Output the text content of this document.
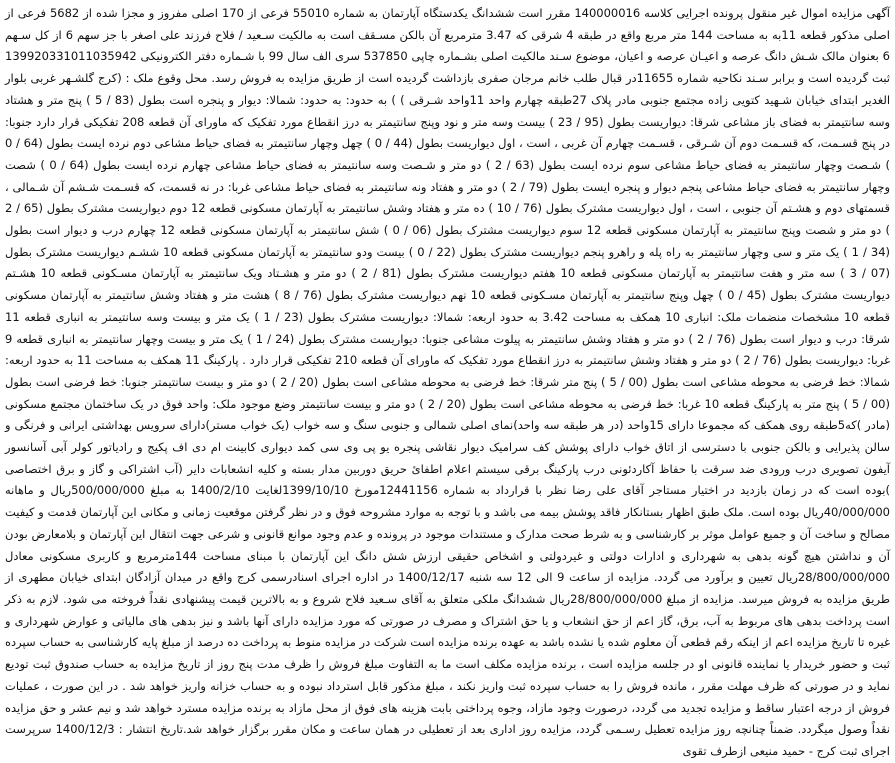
آگهی مزایده اموال غیر منقول پرونده اجرایی کلاسه 140000016 مقرر است ششدانگ یکدستگاه آپارتمان به شماره 55010 فرعی از 170 اصلی مفروز و مجزا شده از 5682 فرعی از اصلی مذکور قطعه 11به به مساحت 144 متر مربع واقع در طبقه 4 شرقی که 3.47 مترمربع آن بالکن مسـقف است به مالکیت سـعید / فلاح فرزند علی اصغر با جز سهم 6 از کل سـهم 6 بعنوان مالک شـش دانگ عرصه و اعیـان عرصه و اعیان، موضوع سـند مالکیت اصلی بشـماره چاپی 537850 سری الف سال 99 با شـماره دفتر الکترونیکی 139920331011035942 ثبت گردیده است و برابر سـند نکاحیه شماره 11655در قبال طلب خانم مرجان صفری بازداشت گردیده است از طریق مزایده به فروش رسد. محل وقوع ملک : (کرج گلشـهر غربی بلوار الغدیر ابتدای خیابان شـهید کتویی زاده مجتمع جنوبی مادر پلاک 27طبقه چهارم واحد 11واحد شـرقی ) ) به حدود: به حدود: شمالا: دیوار و پنجره است بطول (83 / 5 ) پنج متر و هشتاد وسه سانتیمتر به فضای باز مشاعی شرقا: دیواریست بطول (95 / 23 ) بیست وسه متر و نود وپنج سانتیمتر به درز انقطاع مورد تفکیک که ماورای آن قطعه 208 تفکیکی قرار دارد جنوبا: در پنج قسـمت، که قسـمت دوم آن شـرقی ، قسـمت چهارم آن غربی ، است ، اول دیواریست بطول (44 / 0 ) چهل وچهار سانتیمتر به فضای حیاط مشاعی دوم نرده ایست بطول (64 / 0 ) شـصت وچهار سانتیمتر به فضای حیاط مشاعی سوم نرده ایست بطول (63 / 2 ) دو متر و شـصت وسه سانتیمتر به فضای حیاط مشاعی چهارم نرده ایست بطول (64 / 0 ) شصت وچهار سانتیمتر به فضای حیاط مشاعی پنجم دیوار و پنجره ایست بطول (79 / 2 ) دو متر و هفتاد ونه سانتیمتر به فضای حیاط مشاعی غربا: در نه قسمت، که قسـمت شـشم آن شـمالی ، قسمتهای دوم و هشـتم آن جنوبی ، است ، اول دیواریست مشترک بطول (76 / 10 ) ده متر و هفتاد وشش سانتیمتر به آپارتمان مسکونی قطعه 12 دوم دیواریست مشترک بطول (65 / 2 ) دو متر و شصت وپنج سانتیمتر به آپارتمان مسکونی قطعه 12 سوم دیواریست مشترک بطول (06 / 0 ) شش سانتیمتر به آپارتمان مسکونی قطعه 12 چهارم درب و دیوار است بطول (34 / 1 ) یک متر و سی وچهار سانتیمتر به راه پله و راهرو پنجم دیواریست مشترک بطول (22 / 0 ) بیست ودو سانتیمتر به آپارتمان مسکونی قطعه 10 ششـم دیواریست مشترک بطول (07 / 3 ) سه متر و هفت سانتیمتر به آپارتمان مسکونی قطعه 10 هفتم دیواریست مشترک بطول (81 / 2 ) دو متر و هشـتاد ویک سانتیمتر به آپارتمان مسـکونی قطعه 10 هشـتم دیواریست مشترک بطول (45 / 0 ) چهل وپنج سانتیمتر به آپارتمان مسـکونی قطعه 10 نهم دیواریست مشترک بطول (76 / 8 ) هشت متر و هفتاد وشش سانتیمتر به آپارتمان مسکونی قطعه 10 مشخصات منضمات ملک: انباری 10 همکف به مساحت 3.42 به حدود اربعه: شمالا: دیواریست مشترک بطول (23 / 1 ) یک متر و بیست وسه سانتیمتر به انباری قطعه 11 شرقا: درب و دیوار است بطول (76 / 2 ) دو متر و هفتاد وشش سانتیمتر به پیلوت مشاعی جنوبا: دیواریست مشترک بطول (24 / 1 ) یک متر و بیست وچهار سانتیمتر به انباری قطعه 9 غربا: دیواریست بطول (76 / 2 ) دو متر و هفتاد وشش سانتیمتر به درز انقطاع مورد تفکیک که ماورای آن قطعه 210 تفکیکی قرار دارد . پارکینگ 11 همکف به مساحت 11 به حدود اربعه: شمالا: خط فرضی به محوطه مشاعی است بطول (00 / 5 ) پنج متر شرقا: خط فرضی به محوطه مشاعی است بطول (20 / 2 ) دو متر و بیست سانتیمتر جنوبا: خط فرضی است بطول (00 / 5 ) پنج متر به پارکینگ قطعه 10 غربا: خط فرضی به محوطه مشاعی است بطول (20 / 2 ) دو متر و بیست سانتیمتر وضع موجود ملک: واحد فوق در یک ساختمان مجتمع مسکونی (مادر )که5طبقه روی همکف که مجموعا دارای 15واحد (در هر طبقه سه واحد)نمای اصلی شمالی و جنوبی سنگ و سه خواب (یک خواب مستر)دارای سرویس بهداشتی ایرانی و فرنگی و سالن پذیرایی و بالکن جنوبی با دسترسی از اتاق خواب دارای پوشش کف سرامیک دیوار نقاشی پنجره یو پی وی سی کمد دیواری کابینت ام دی اف پکیج و رادیاتور کولر آبی آسانسور آیفون تصویری درب ورودی ضد سرقت با حفاظ آکاردئونی درب پارکینگ برقی سیستم اعلام اطفائ حریق دوربین مدار بسته و کلیه انشعابات دایر (آب اشتراکی و گاز و برق اختصاصی )بوده است که در زمان بازدید در اختیار مستاجر آقای علی رضا نظر با قرارداد به شماره 12441156مورخ 1399/10/10لغایت 1400/2/10 به مبلغ 500/000/000ریال و ماهانه 40/000/000ریال بوده است. ملک طبق اظهار بستانکار فاقد پوشش بیمه می باشد و با توجه به موارد مشروحه فوق و در نظر گرفتن موقعیت زمانی و مکانی این آپارتمان قدمت و کیفیت مصالح و ساخت آن و جمیع عوامل موثر بر کارشناسی و به شرط صحت مدارک و مستندات موجود در پرونده و عدم وجود موانع قانونی و شرعی جهت انتقال این آپارتمان و بلامعارض بودن آن و نداشتن هیچ گونه بدهی به شهرداری و ادارات دولتی و غیردولتی و اشخاص حقیقی ارزش شش دانگ این آپارتمان با مبنای مساحت 144مترمربع و کاربری مسکونی معادل 28/800/000/000ریال تعیین و برآورد می گردد. مزایده از ساعت 9 الی 12 سه شنبه 1400/12/17 در اداره اجرای اسنادرسمی کرج واقع در میدان آزادگان ابتدای خیابان مطهری از طریق مزایده به فروش میرسد. مزایده از مبلغ 28/800/000/000ریال ششدانگ ملکی متعلق به آقای سـعید فلاح شروع و به بالاترین قیمت پیشنهادی نقداً فروخته می شود. لازم به ذکر است پرداخت بدهی های مربوط به آب، برق، گاز اعم از حق انشعاب و یا حق اشتراک و مصرف در صورتی که مورد مزایده دارای آنها باشد و نیز بدهی های مالیاتی و عوارض شهرداری و غیره تا تاریخ مزایده اعم از اینکه رقم قطعی آن معلوم شده یا نشده باشد به عهده برنده مزایده است شرکت در مزایده منوط به پرداخت ده درصد از مبلغ پایه کارشناسی به حساب سپرده ثبت و حضور خریدار یا نماینده قانونی او در جلسه مزایده است ، برنده مزایده مکلف است ما به التفاوت مبلغ فروش را ظرف مدت پنج روز از تاریخ مزایده به حساب صندوق ثبت تودیع نماید و در صورتی که ظرف مهلت مقرر ، مانده فروش را به حساب سپرده ثبت واریز نکند ، مبلغ مذکور قابل استرداد نبوده و به حساب خزانه واریز خواهد شد . در این صورت ، عملیات فروش از درجه اعتبار ساقط و مزایده تجدید می گردد، درصورت وجود مازاد، وجوه پرداختی بابت هزینه های فوق از محل مازاد به برنده مزایده مسترد خواهد شد و نیم عشر و حق مزایده نقداً وصول میگردد. ضمناً چنانچه روز مزایده تعطیل رسـمی گردد، مزایده روز اداری بعد از تعطیلی در همان ساعت و مکان مقرر برگزار خواهد شد.تاریخ انتشار : 1400/12/3 سرپرست اجرای ثبت کرج - حمید منیعی ازطرف تقوی
